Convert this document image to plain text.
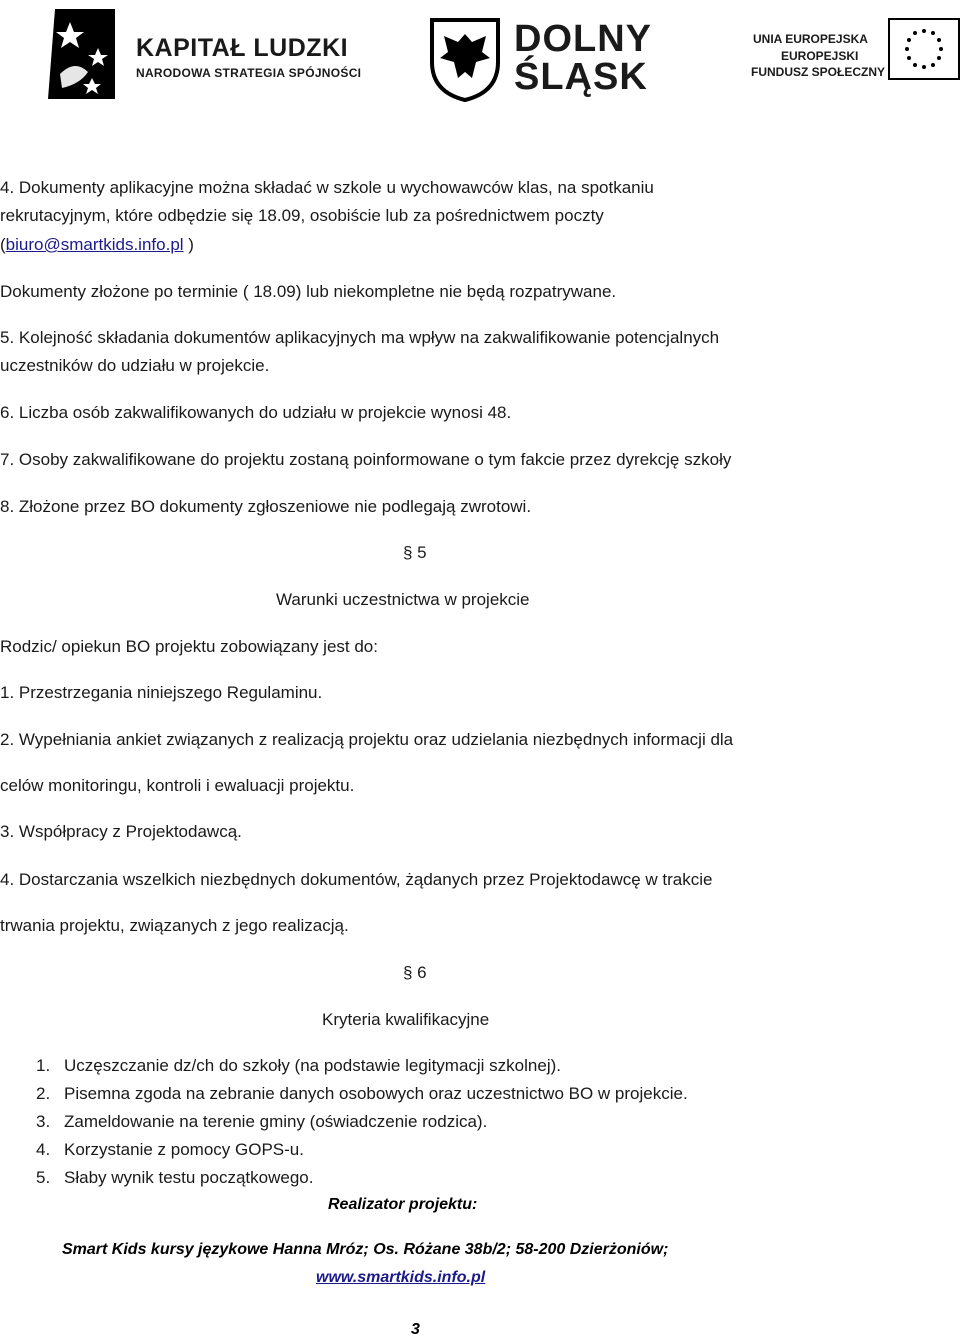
KAPITAŁ LUDZKI
NARODOWA STRATEGIA SPÓJNOŚCI
DOLNY
ŚLĄSK
UNIA EUROPEJSKA
EUROPEJSKI
FUNDUSZ SPOŁECZNY
4. Dokumenty aplikacyjne można składać w szkole u wychowawców klas, na spotkaniu
rekrutacyjnym, które odbędzie się 18.09, osobiście lub za pośrednictwem poczty
(biuro@smartkids.info.pl )
Dokumenty złożone po terminie ( 18.09) lub niekompletne nie będą rozpatrywane.
5. Kolejność składania dokumentów aplikacyjnych ma wpływ na zakwalifikowanie potencjalnych
uczestników do udziału w projekcie.
6. Liczba osób zakwalifikowanych do udziału w projekcie wynosi 48.
7. Osoby zakwalifikowane do projektu zostaną poinformowane o tym fakcie przez dyrekcję szkoły
8. Złożone przez BO dokumenty zgłoszeniowe nie podlegają zwrotowi.
§ 5
Warunki uczestnictwa w projekcie
Rodzic/ opiekun BO projektu zobowiązany jest do:
1. Przestrzegania niniejszego Regulaminu.
2. Wypełniania ankiet związanych z realizacją projektu oraz udzielania niezbędnych informacji dla
celów monitoringu, kontroli i ewaluacji projektu.
3. Współpracy z Projektodawcą.
4. Dostarczania wszelkich niezbędnych dokumentów, żądanych przez Projektodawcę w trakcie
trwania projektu, związanych z jego realizacją.
§ 6
Kryteria kwalifikacyjne
1. Uczęszczanie dz/ch do szkoły (na podstawie legitymacji szkolnej).
2. Pisemna zgoda na zebranie danych osobowych oraz uczestnictwo BO w projekcie.
3. Zameldowanie na terenie gminy (oświadczenie rodzica).
4. Korzystanie z pomocy GOPS-u.
5. Słaby wynik testu początkowego.
Realizator projektu:
Smart Kids kursy językowe Hanna Mróz; Os. Różane 38b/2; 58-200 Dzierżoniów;
www.smartkids.info.pl
3
